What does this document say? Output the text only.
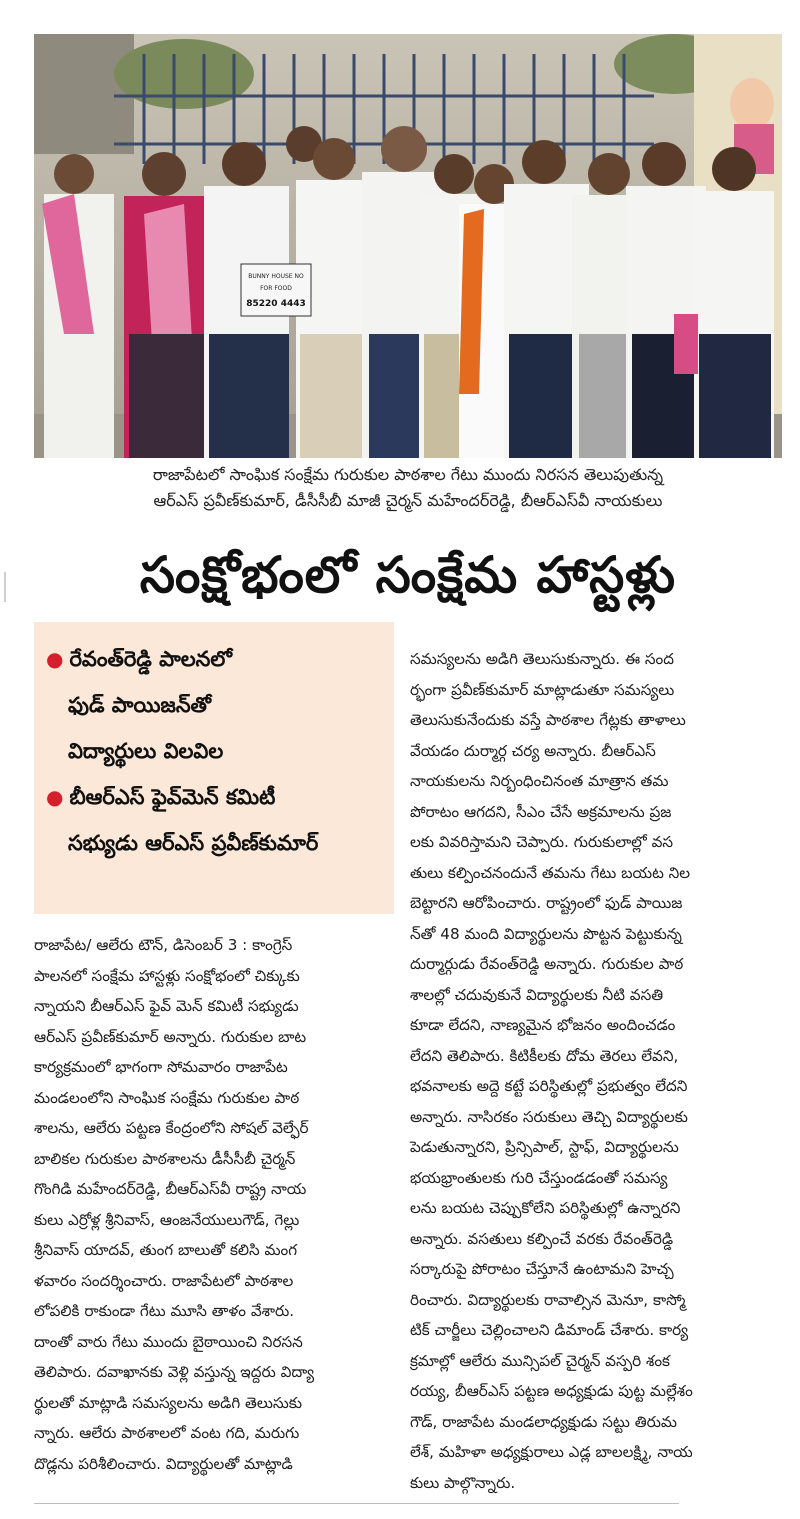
BUNNY HOUSE NO
FOR FOOD
85220 4443
రాజాపేటలో సాంఘిక సంక్షేమ గురుకుల పాఠశాల గేటు ముందు నిరసన తెలుపుతున్న
ఆర్‌ఎస్ ప్రవీణ్‌కుమార్, డీసీసీబీ మాజీ చైర్మన్ మహేందర్‌రెడ్డి, బీఆర్‌ఎస్‌వీ నాయకులు
సంక్షోభంలో సంక్షేమ హాస్టళ్లు
● రేవంత్‌రెడ్డి పాలనలో
ఫుడ్ పాయిజన్‌తో
విద్యార్థులు విలవిల
● బీఆర్‌ఎస్ ఫైవ్‌మెన్ కమిటీ
సభ్యుడు ఆర్‌ఎస్ ప్రవీణ్‌కుమార్
రాజాపేట/ ఆలేరు టౌన్, డిసెంబర్ 3 : కాంగ్రెస్
పాలనలో సంక్షేమ హాస్టళ్లు సంక్షోభంలో చిక్కుకు
న్నాయని బీఆర్‌ఎస్ ఫైవ్ మెన్ కమిటీ సభ్యుడు
ఆర్‌ఎస్ ప్రవీణ్‌కుమార్ అన్నారు. గురుకుల బాట
కార్యక్రమంలో భాగంగా సోమవారం రాజాపేట
మండలంలోని సాంఘిక సంక్షేమ గురుకుల పాఠ
శాలను, ఆలేరు పట్టణ కేంద్రంలోని సోషల్ వెల్ఫేర్
బాలికల గురుకుల పాఠశాలను డీసీసీబీ చైర్మన్
గొంగిడి మహేందర్‌రెడ్డి, బీఆర్‌ఎస్‌వీ రాష్ట్ర నాయ
కులు ఎర్రోళ్ల శ్రీనివాస్, ఆంజనేయులుగౌడ్, గెల్లు
శ్రీనివాస్ యాదవ్, తుంగ బాలుతో కలిసి మంగ
ళవారం సందర్శించారు. రాజాపేటలో పాఠశాల
లోపలికి రాకుండా గేటు మూసి తాళం వేశారు.
దాంతో వారు గేటు ముందు బైఠాయించి నిరసన
తెలిపారు. దవాఖానకు వెళ్లి వస్తున్న ఇద్దరు విద్యా
ర్థులతో మాట్లాడి సమస్యలను అడిగి తెలుసుకు
న్నారు. ఆలేరు పాఠశాలలో వంట గది, మరుగు
దొడ్లను పరిశీలించారు. విద్యార్థులతో మాట్లాడి
సమస్యలను అడిగి తెలుసుకున్నారు. ఈ సంద
ర్భంగా ప్రవీణ్‌కుమార్ మాట్లాడుతూ సమస్యలు
తెలుసుకునేందుకు వస్తే పాఠశాల గేట్లకు తాళాలు
వేయడం దుర్మార్గ చర్య అన్నారు. బీఆర్‌ఎస్
నాయకులను నిర్బంధించినంత మాత్రాన తమ
పోరాటం ఆగదని, సీఎం చేసే అక్రమాలను ప్రజ
లకు వివరిస్తామని చెప్పారు. గురుకులాల్లో వస
తులు కల్పించనందునే తమను గేటు బయట నిల
బెట్టారని ఆరోపించారు. రాష్ట్రంలో ఫుడ్ పాయిజ
న్‌తో 48 మంది విద్యార్థులను పొట్టన పెట్టుకున్న
దుర్మార్గుడు రేవంత్‌రెడ్డి అన్నారు. గురుకుల పాఠ
శాలల్లో చదువుకునే విద్యార్థులకు నీటి వసతి
కూడా లేదని, నాణ్యమైన భోజనం అందించడం
లేదని తెలిపారు. కిటికీలకు దోమ తెరలు లేవని,
భవనాలకు అద్దె కట్టే పరిస్థితుల్లో ప్రభుత్వం లేదని
అన్నారు. నాసిరకం సరుకులు తెచ్చి విద్యార్థులకు
పెడుతున్నారని, ప్రిన్సిపాల్, స్టాఫ్, విద్యార్థులను
భయభ్రాంతులకు గురి చేస్తుండడంతో సమస్య
లను బయట చెప్పుకోలేని పరిస్థితుల్లో ఉన్నారని
అన్నారు. వసతులు కల్పించే వరకు రేవంత్‌రెడ్డి
సర్కారుపై పోరాటం చేస్తూనే ఉంటామని హెచ్చ
రించారు. విద్యార్థులకు రావాల్సిన మెనూ, కాస్మో
టిక్ చార్జీలు చెల్లించాలని డిమాండ్ చేశారు. కార్య
క్రమాల్లో ఆలేరు మున్సిపల్ చైర్మన్ వస్పరి శంక
రయ్య, బీఆర్‌ఎస్ పట్టణ అధ్యక్షుడు పుట్ట మల్లేశం
గౌడ్, రాజాపేట మండలాధ్యక్షుడు సట్టు తిరుమ
లేశ్, మహిళా అధ్యక్షురాలు ఎడ్ల బాలలక్ష్మి, నాయ
కులు పాల్గొన్నారు.
